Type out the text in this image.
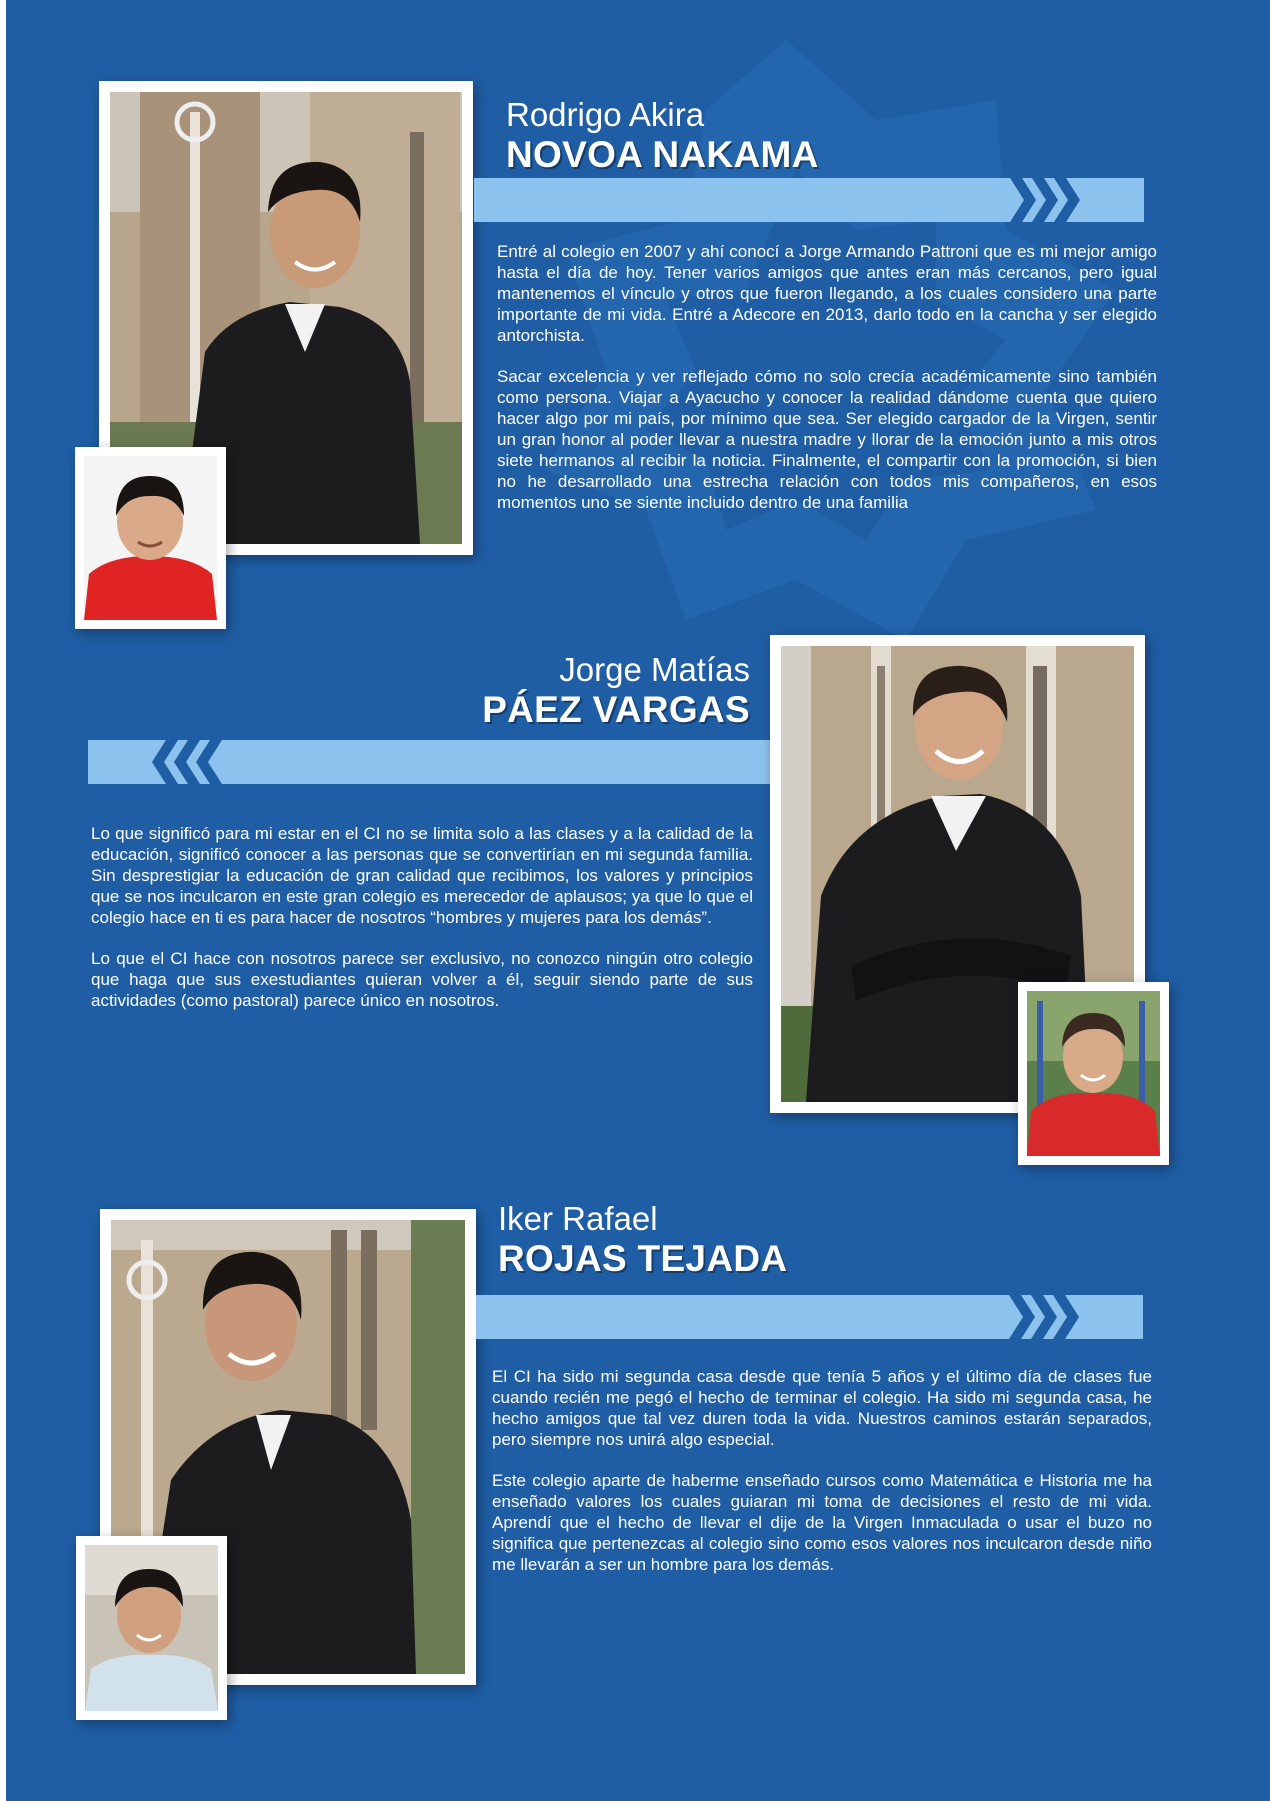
Rodrigo Akira
NOVOA NAKAMA

Entré al colegio en 2007 y ahí conocí a Jorge Armando Pattroni que es mi mejor amigo hasta el día de hoy. Tener varios amigos que antes eran más cercanos, pero igual mantenemos el vínculo y otros que fueron llegando, a los cuales considero una parte importante de mi vida. Entré a Adecore en 2013, darlo todo en la cancha y ser elegido antorchista.

Sacar excelencia y ver reflejado cómo no solo crecía académicamente sino también como persona. Viajar a Ayacucho y conocer la realidad dándome cuenta que quiero hacer algo por mi país, por mínimo que sea. Ser elegido cargador de la Virgen, sentir un gran honor al poder llevar a nuestra madre y llorar de la emoción junto a mis otros siete hermanos al recibir la noticia. Finalmente, el compartir con la promoción, si bien no he desarrollado una estrecha relación con todos mis compañeros, en esos momentos uno se siente incluido dentro de una familia

Jorge Matías
PÁEZ VARGAS

Lo que significó para mi estar en el CI no se limita solo a las clases y a la calidad de la educación, significó conocer a las personas que se convertirían en mi segunda familia. Sin desprestigiar la educación de gran calidad que recibimos, los valores y principios que se nos inculcaron en este gran colegio es merecedor de aplausos; ya que lo que el colegio hace en ti es para hacer de nosotros “hombres y mujeres para los demás”.

Lo que el CI hace con nosotros parece ser exclusivo, no conozco ningún otro colegio que haga que sus exestudiantes quieran volver a él, seguir siendo parte de sus actividades (como pastoral) parece único en nosotros.

Iker Rafael
ROJAS TEJADA

El CI ha sido mi segunda casa desde que tenía 5 años y el último día de clases fue cuando recién me pegó el hecho de terminar el colegio. Ha sido mi segunda casa, he hecho amigos que tal vez duren toda la vida. Nuestros caminos estarán separados, pero siempre nos unirá algo especial.

Este colegio aparte de haberme enseñado cursos como Matemática e Historia me ha enseñado valores los cuales guiaran mi toma de decisiones el resto de mi vida. Aprendí que el hecho de llevar el dije de la Virgen Inmaculada o usar el buzo no significa que pertenezcas al colegio sino como esos valores nos inculcaron desde niño me llevarán a ser un hombre para los demás.
